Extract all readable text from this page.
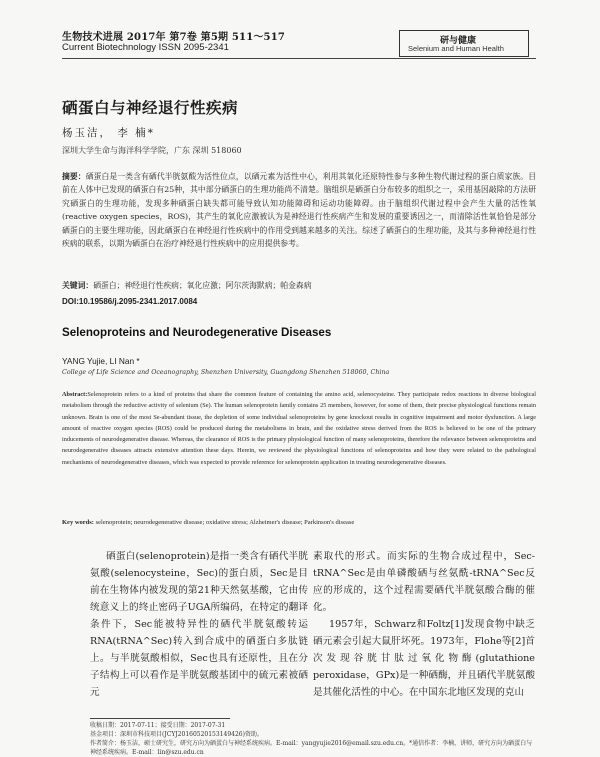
生物技术进展 2017年 第7卷 第5期 511～517
Current Biotechnology ISSN 2095-2341
研与健康
Selenium and Human Health
硒蛋白与神经退行性疾病
杨玉洁， 李 楠*
深圳大学生命与海洋科学学院，广东 深圳 518060
摘要：硒蛋白是一类含有硒代半胱氨酸为活性位点，以硒元素为活性中心，利用其氧化还原特性参与多种生物代谢过程的蛋白质家族。目前在人体中已发现的硒蛋白有25种，其中部分硒蛋白的生理功能尚不清楚。脑组织是硒蛋白分布较多的组织之一，采用基因敲除的方法研究硒蛋白的生理功能，发现多种硒蛋白缺失都可能导致认知功能障碍和运动功能障碍。由于脑组织代谢过程中会产生大量的活性氧(reactive oxygen species，ROS)，其产生的氧化应激被认为是神经退行性疾病产生和发展的重要诱因之一，而清除活性氧恰恰是部分硒蛋白的主要生理功能，因此硒蛋白在神经退行性疾病中的作用受到越来越多的关注。综述了硒蛋白的生理功能，及其与多种神经退行性疾病的联系，以期为硒蛋白在治疗神经退行性疾病中的应用提供参考。
关键词：硒蛋白；神经退行性疾病；氧化应激；阿尔茨海默病；帕金森病
DOI:10.19586/j.2095-2341.2017.0084
Selenoproteins and Neurodegenerative Diseases
YANG Yujie, LI Nan *
College of Life Science and Oceanography, Shenzhen University, Guangdong Shenzhen 518060, China
Abstract:Selenoprotein refers to a kind of proteins that share the common feature of containing the amino acid, selenocysteine. They participate redox reactions in diverse biological metabolism through the reductive activity of selenium (Se). The human selenoprotein family contains 25 members, however, for some of them, their precise physiological functions remain unknown. Brain is one of the most Se-abundant tissue, the depletion of some individual selenoproteins by gene knockout results in cognitive impairment and motor dysfunction. A large amount of reactive oxygen species (ROS) could be produced during the metabolisms in brain, and the oxidative stress derived from the ROS is believed to be one of the primary inducements of neurodegenerative disease. Whereas, the clearance of ROS is the primary physiological function of many selenoproteins, therefore the relevance between selenoproteins and neurodegenerative diseases attracts extensive attention these days. Herein, we reviewed the physiological functions of selenoproteins and how they were related to the pathological mechanisms of neurodegenerative diseases, which was expected to provide reference for selenoprotein application in treating neurodegenerative diseases.
Key words: selenoprotein; neurodegenerative disease; oxidative stress; Alzheimer's disease; Parkinson's disease
硒蛋白(selenoprotein)是指一类含有硒代半胱氨酸(selenocysteine，Sec)的蛋白质，Sec是目前在生物体内被发现的第21种天然氨基酸，它由传统意义上的终止密码子UGA所编码，在特定的翻译条件下，Sec能被特异性的硒代半胱氨酸转运RNA(tRNA^Sec)转入到合成中的硒蛋白多肽链上。与半胱氨酸相似，Sec也具有还原性，且在分子结构上可以看作是半胱氨酸基团中的硫元素被硒元

素取代的形式。而实际的生物合成过程中，Sec-tRNA^Sec是由单磷酸硒与丝氨酰-tRNA^Sec反应的形成的，这个过程需要硒代半胱氨酸合酶的催化。

1957年，Schwarz和Foltz[1]发现食物中缺乏硒元素会引起大鼠肝坏死。1973年，Flohe等[2]首次发现谷胱甘肽过氧化物酶(glutathione peroxidase，GPx)是一种硒酶，并且硒代半胱氨酸是其催化活性的中心。在中国东北地区发现的克山

收稿日期：2017-07-11；接受日期：2017-07-31
基金项目：深圳市科技项目(JCYJ20160520153149426)资助。
作者简介：杨玉洁，硕士研究生，研究方向为硒蛋白与神经系统疾病。E-mail：yangyujie2016@email.szu.edu.cn。*通信作者：李楠，讲师，研究方向为硒蛋白与神经系统疾病。E-mail：lin@szu.edu.cn
